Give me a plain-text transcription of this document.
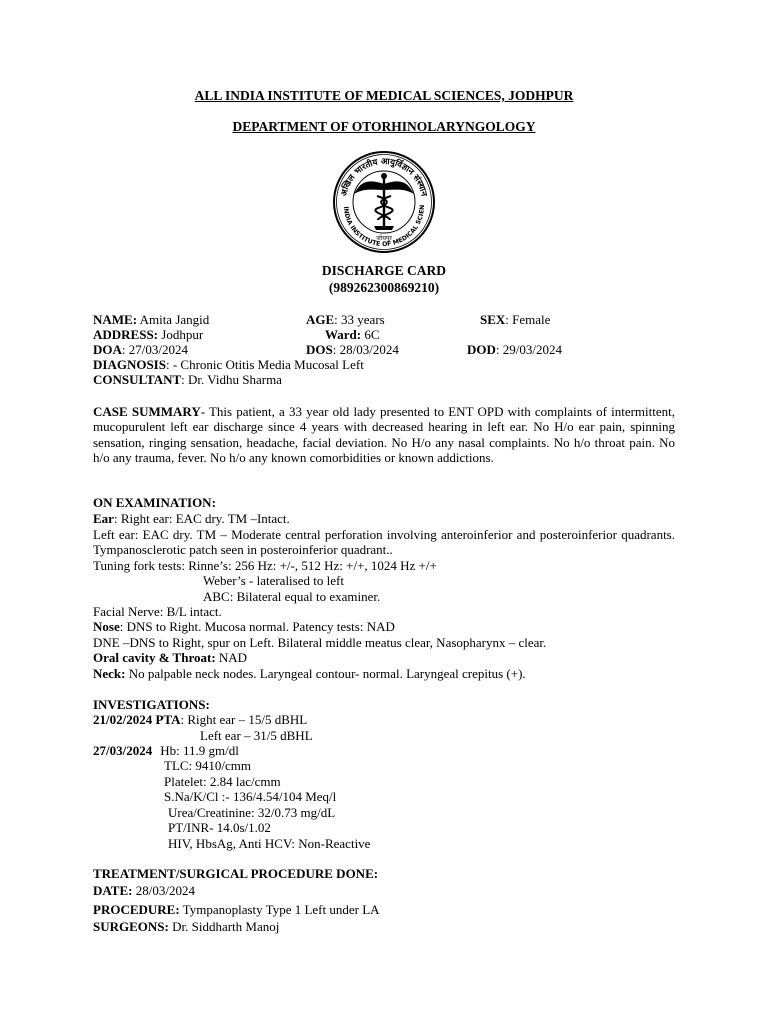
ALL INDIA INSTITUTE OF MEDICAL SCIENCES, JODHPUR
DEPARTMENT OF OTORHINOLARYNGOLOGY
अखिल भारतीय आयुर्विज्ञान संस्थान
INDIA INSTITUTE OF MEDICAL SCIEN
जोधपुर
DISCHARGE CARD
(989262300869210)
NAME: Amita Jangid	AGE: 33 years	SEX: Female
ADDRESS: Jodhpur	Ward: 6C
DOA: 27/03/2024	DOS: 28/03/2024	DOD: 29/03/2024
DIAGNOSIS: - Chronic Otitis Media Mucosal Left
CONSULTANT: Dr. Vidhu Sharma

CASE SUMMARY- This patient, a 33 year old lady presented to ENT OPD with complaints of intermittent, mucopurulent left ear discharge since 4 years with decreased hearing in left ear. No H/o ear pain, spinning sensation, ringing sensation, headache, facial deviation. No H/o any nasal complaints. No h/o throat pain. No h/o any trauma, fever. No h/o any known comorbidities or known addictions.

ON EXAMINATION:
Ear: Right ear: EAC dry. TM –Intact.

Left ear: EAC dry. TM – Moderate central perforation involving anteroinferior and posteroinferior quadrants. Tympanosclerotic patch seen in posteroinferior quadrant..

Tuning fork tests: Rinne’s: 256 Hz: +/-, 512 Hz: +/+, 1024 Hz +/+
Weber’s - lateralised to left
ABC: Bilateral equal to examiner.
Facial Nerve: B/L intact.
Nose: DNS to Right. Mucosa normal. Patency tests: NAD
DNE –DNS to Right, spur on Left. Bilateral middle meatus clear, Nasopharynx – clear.
Oral cavity & Throat: NAD
Neck: No palpable neck nodes. Laryngeal contour- normal. Laryngeal crepitus (+).
INVESTIGATIONS:
21/02/2024 PTA: Right ear – 15/5 dBHL
Left ear – 31/5 dBHL
27/03/2024 Hb: 11.9 gm/dl
TLC: 9410/cmm
Platelet: 2.84 lac/cmm
S.Na/K/Cl :- 136/4.54/104 Meq/l
Urea/Creatinine: 32/0.73 mg/dL
PT/INR- 14.0s/1.02
HIV, HbsAg, Anti HCV: Non-Reactive
TREATMENT/SURGICAL PROCEDURE DONE:
DATE: 28/03/2024
PROCEDURE: Tympanoplasty Type 1 Left under LA
SURGEONS: Dr. Siddharth Manoj
